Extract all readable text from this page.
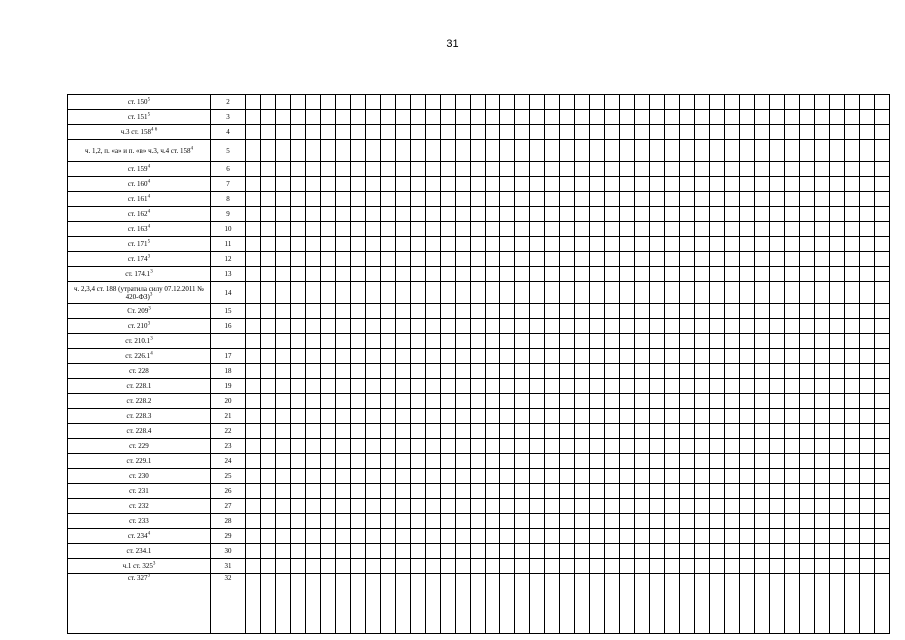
31
ст. $150^5$	2																																											
ст. $151^5$	3																																											
ч.3 ст. $158^{4 6}$	4																																											
ч. 1,2, п. «а» и п. «в» ч.3, ч.4 ст. $158^4$	5																																											
ст. $159^4$	6																																											
ст. $160^4$	7																																											
ст. $161^4$	8																																											
ст. $162^4$	9																																											
ст. $163^4$	10																																											
ст. $171^5$	11																																											
ст. $174^3$	12																																											
ст. 174.1$^3$	13																																											
ч. 2,3,4 ст. 188 (утратила силу 07.12.2011 № 420-ФЗ)$^3$	14																																											
Ст. $209^3$	15																																											
ст. $210^3$	16																																											
ст. 210.1$^3$																																												
ст. 226.1$^4$	17																																											
ст. 228	18																																											
ст. 228.1	19																																											
ст. 228.2	20																																											
ст. 228.3	21																																											
ст. 228.4	22																																											
ст. 229	23																																											
ст. 229.1	24																																											
ст. 230	25																																											
ст. 231	26																																											
ст. 232	27																																											
ст. 233	28																																											
ст. $234^4$	29																																											
ст. 234.1	30																																											
ч.1 ст. $325^3$	31																																											
ст. $327^3$	32																																											
